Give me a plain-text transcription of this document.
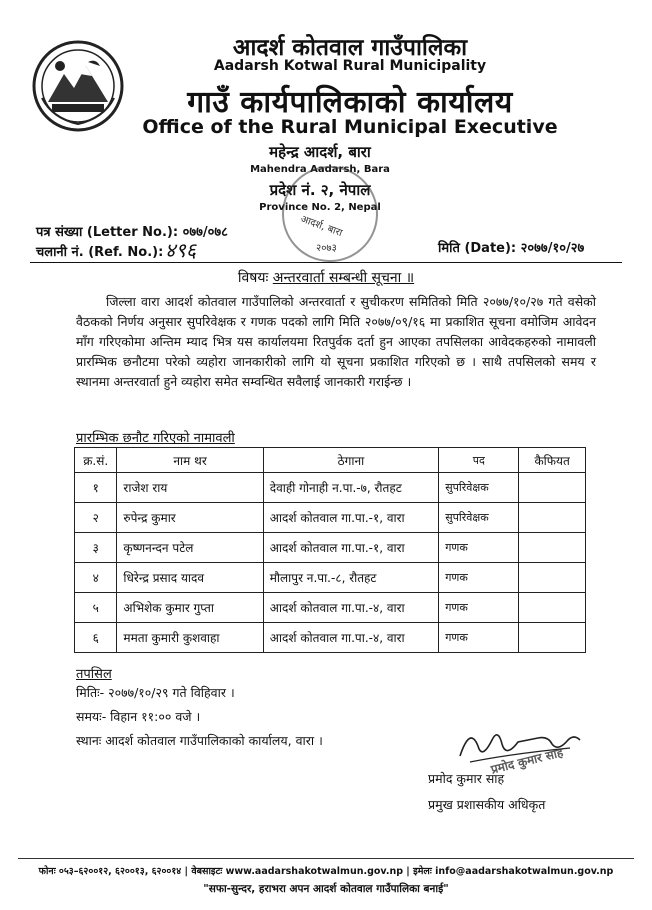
आदर्श कोतवाल गाउँपालिका
Aadarsh Kotwal Rural Municipality
गाउँ कार्यपालिकाको कार्यालय
Office of the Rural Municipal Executive
महेन्द्र आदर्श, बारा
Mahendra Aadarsh, Bara
प्रदेश नं. २, नेपाल
Province No. 2, Nepal
आदर्श, बारा
२०७३
पत्र संख्या (Letter No.): ०७७/०७८
चलानी नं. (Ref. No.): ४९६	मिति (Date): २०७७/१०/२७
विषयः अन्तरवार्ता सम्बन्धी सूचना ॥

जिल्ला वारा आदर्श कोतवाल गाउँपालिको अन्तरवार्ता र सुचीकरण समितिको मिति २०७७/१०/२७ गते वसेको वैठकको निर्णय अनुसार सुपरिवेक्षक र गणक पदको लागि मिति २०७७/०९/१६ मा प्रकाशित सूचना वमोजिम आवेदन माँग गरिएकोमा अन्तिम म्याद भित्र यस कार्यालयमा रितपुर्वक दर्ता हुन आएका तपसिलका आवेदकहरुको नामावली प्रारम्भिक छनौटमा परेको व्यहोरा जानकारीको लागि यो सूचना प्रकाशित गरिएको छ । साथै तपसिलको समय र स्थानमा अन्तरवार्ता हुने व्यहोरा समेत सम्वन्धित सवैलाई जानकारी गराईन्छ ।

प्रारम्भिक छनौट गरिएको नामावली
क्र.सं.	नाम थर	ठेगाना	पद	कैफियत
१	राजेश राय	देवाही गोनाही न.पा.-७, रौतहट	सुपरिवेक्षक	
२	रुपेन्द्र कुमार	आदर्श कोतवाल गा.पा.-१, वारा	सुपरिवेक्षक	
३	कृष्णनन्दन पटेल	आदर्श कोतवाल गा.पा.-१, वारा	गणक	
४	धिरेन्द्र प्रसाद यादव	मौलापुर न.पा.-८, रौतहट	गणक	
५	अभिशेक कुमार गुप्ता	आदर्श कोतवाल गा.पा.-४, वारा	गणक	
६	ममता कुमारी कुशवाहा	आदर्श कोतवाल गा.पा.-४, वारा	गणक	
तपसिल
मितिः- २०७७/१०/२९ गते विहिवार ।
समयः- विहान ११:०० वजे ।
स्थानः आदर्श कोतवाल गाउँपालिकाको कार्यालय, वारा ।
प्रमोद कुमार साह
प्रमोद कुमार साह
प्रमुख प्रशासकीय अधिकृत
फोनः ०५३–६२००१२, ६२००१३, ६२००१४ | वेबसाइटः www.aadarshakotwalmun.gov.np | इमेलः info@aadarshakotwalmun.gov.np
"सफा-सुन्दर, हराभरा अपन आदर्श कोतवाल गाउँपालिका बनाई"
